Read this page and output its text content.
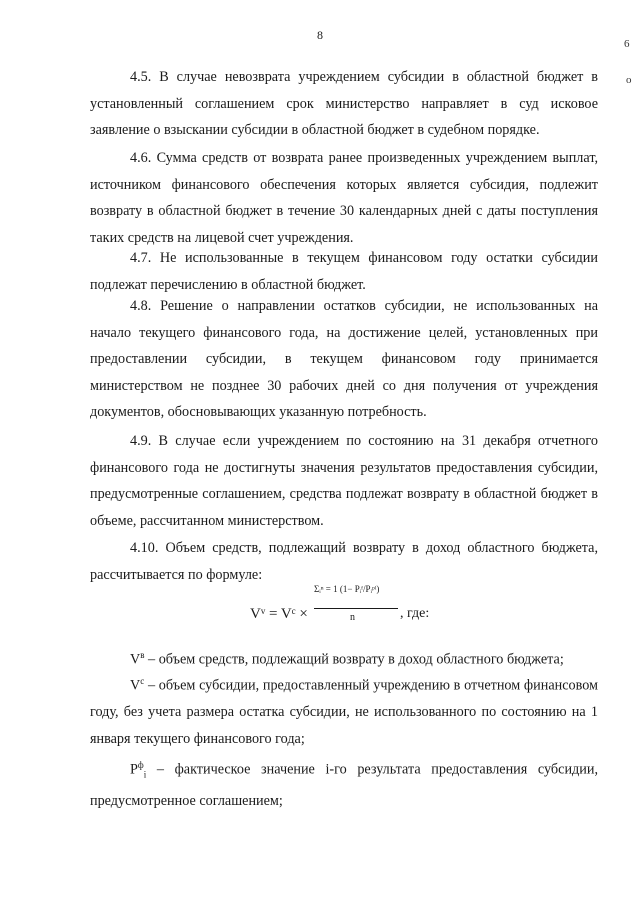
8
6
о

4.5. В случае невозврата учреждением субсидии в областной бюджет в установленный соглашением срок министерство направляет в суд исковое заявление о взыскании субсидии в областной бюджет в судебном порядке.

4.6. Сумма средств от возврата ранее произведенных учреждением выплат, источником финансового обеспечения которых является субсидия, подлежит возврату в областной бюджет в течение 30 календарных дней с даты поступления таких средств на лицевой счет учреждения.

4.7. Не использованные в текущем финансовом году остатки субсидии подлежат перечислению в областной бюджет.

4.8. Решение о направлении остатков субсидии, не использованных на начало текущего финансового года, на достижение целей, установленных при предоставлении субсидии, в текущем финансовом году принимается министерством не позднее 30 рабочих дней со дня получения от учреждения документов, обосновывающих указанную потребность.

4.9. В случае если учреждением по состоянию на 31 декабря отчетного финансового года не достигнуты значения результатов предоставления субсидии, предусмотренные соглашением, средства подлежат возврату в областной бюджет в объеме, рассчитанном министерством.

4.10. Объем средств, подлежащий возврату в доход областного бюджета, рассчитывается по формуле:

Vᵛ = Vᶜ ×
Σᵢⁿ = 1 (1− Pᵢᶠ/Pᵢᵖˡ)
n	, где:

$V^в$ – объем средств, подлежащий возврату в доход областного бюджета;

$V^с$ – объем субсидии, предоставленный учреждению в отчетном финансовом году, без учета размера остатка субсидии, не использованного по состоянию на 1 января текущего финансового года;

$P^ф_i$ – фактическое значение i-го результата предоставления субсидии, предусмотренное соглашением;
